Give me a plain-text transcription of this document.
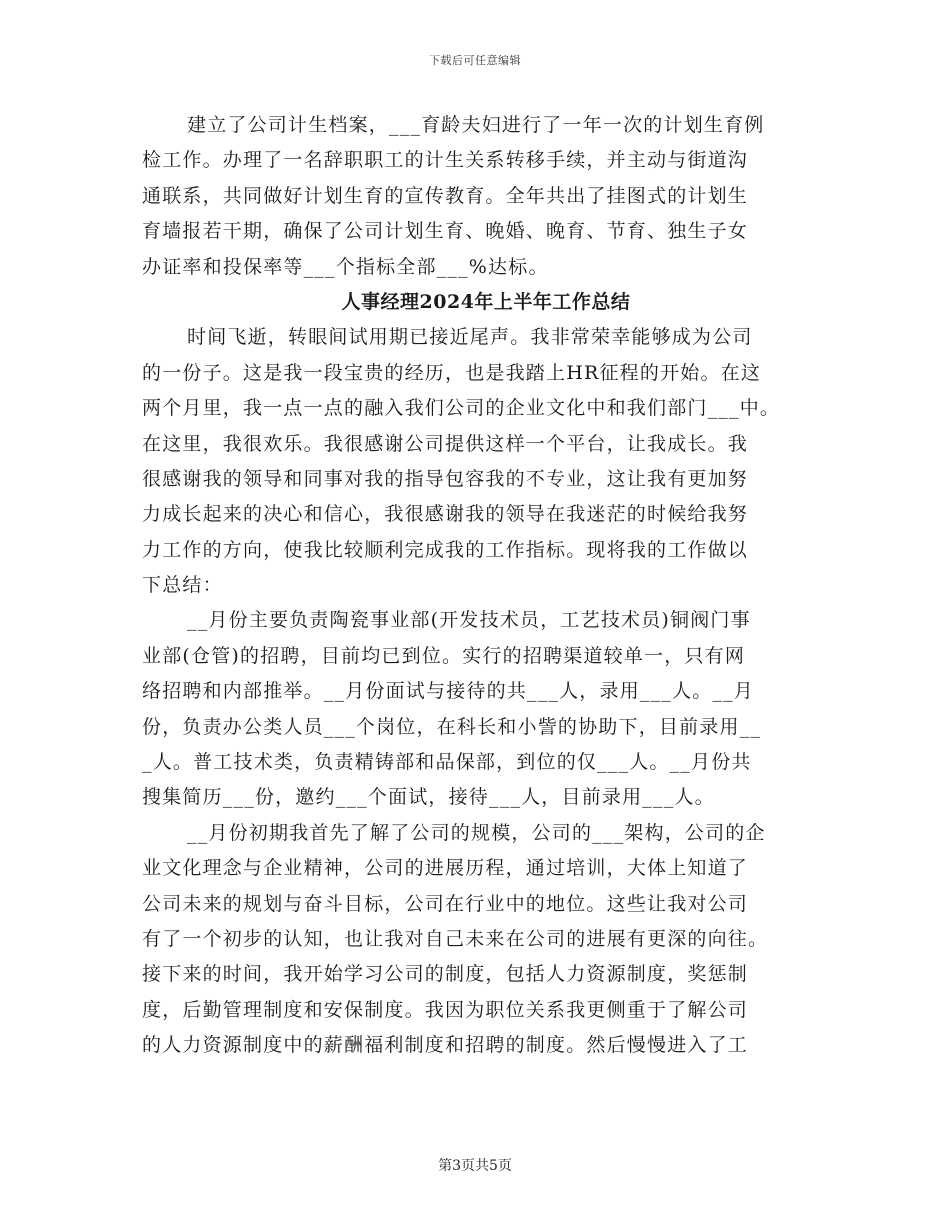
下载后可任意编辑
建立了公司计生档案，___育龄夫妇进行了一年一次的计划生育例
检工作。办理了一名辞职职工的计生关系转移手续，并主动与街道沟
通联系，共同做好计划生育的宣传教育。全年共出了挂图式的计划生
育墙报若干期，确保了公司计划生育、晚婚、晚育、节育、独生子女
办证率和投保率等___个指标全部___%达标。
人事经理2024年上半年工作总结
时间飞逝，转眼间试用期已接近尾声。我非常荣幸能够成为公司
的一份子。这是我一段宝贵的经历，也是我踏上HR征程的开始。在这
两个月里，我一点一点的融入我们公司的企业文化中和我们部门___中。
在这里，我很欢乐。我很感谢公司提供这样一个平台，让我成长。我
很感谢我的领导和同事对我的指导包容我的不专业，这让我有更加努
力成长起来的决心和信心，我很感谢我的领导在我迷茫的时候给我努
力工作的方向，使我比较顺利完成我的工作指标。现将我的工作做以
下总结：
__月份主要负责陶瓷事业部(开发技术员，工艺技术员)铜阀门事
业部(仓管)的招聘，目前均已到位。实行的招聘渠道较单一，只有网
络招聘和内部推举。__月份面试与接待的共___人，录用___人。__月
份，负责办公类人员___个岗位，在科长和小訾的协助下，目前录用__
_人。普工技术类，负责精铸部和品保部，到位的仅___人。__月份共
搜集简历___份，邀约___个面试，接待___人，目前录用___人。
__月份初期我首先了解了公司的规模，公司的___架构，公司的企
业文化理念与企业精神，公司的进展历程，通过培训，大体上知道了
公司未来的规划与奋斗目标，公司在行业中的地位。这些让我对公司
有了一个初步的认知，也让我对自己未来在公司的进展有更深的向往。
接下来的时间，我开始学习公司的制度，包括人力资源制度，奖惩制
度，后勤管理制度和安保制度。我因为职位关系我更侧重于了解公司
的人力资源制度中的薪酬福利制度和招聘的制度。然后慢慢进入了工
第3页共5页
